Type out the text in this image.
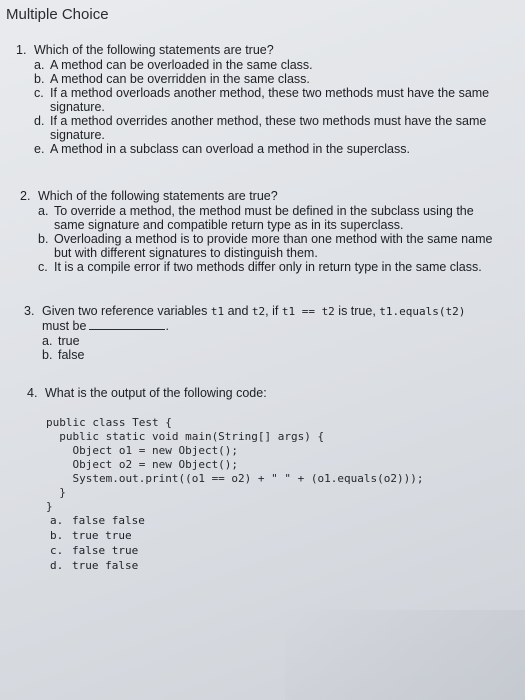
Multiple Choice
1. Which of the following statements are true?
a. A method can be overloaded in the same class.
b. A method can be overridden in the same class.
c. If a method overloads another method, these two methods must have the same signature.
d. If a method overrides another method, these two methods must have the same signature.
e. A method in a subclass can overload a method in the superclass.
2. Which of the following statements are true?
a. To override a method, the method must be defined in the subclass using the same signature and compatible return type as in its superclass.
b. Overloading a method is to provide more than one method with the same name but with different signatures to distinguish them.
c. It is a compile error if two methods differ only in return type in the same class.
3. Given two reference variables t1 and t2, if t1 == t2 is true, t1.equals(t2)
must be	.
a. true
b. false
4. What is the output of the following code:
public class Test {
public static void main(String[] args) {
Object o1 = new Object();
Object o2 = new Object();
System.out.print((o1 == o2) + " " + (o1.equals(o2)));
}
}
a. false false
b. true true
c. false true
d. true false
